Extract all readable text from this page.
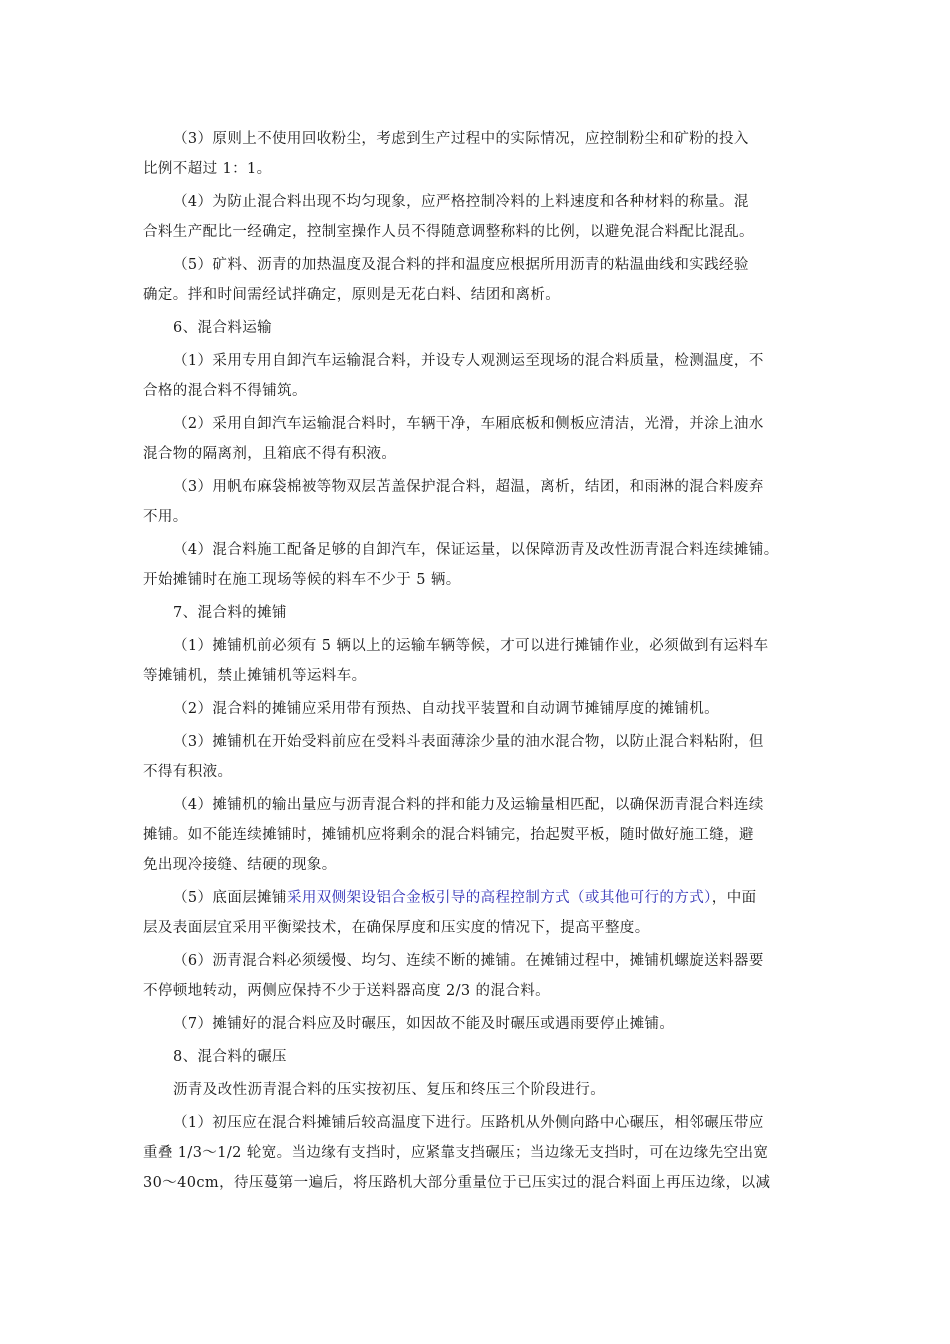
（3）原则上不使用回收粉尘，考虑到生产过程中的实际情况，应控制粉尘和矿粉的投入
比例不超过 1：1。
（4）为防止混合料出现不均匀现象，应严格控制冷料的上料速度和各种材料的称量。混
合料生产配比一经确定，控制室操作人员不得随意调整称料的比例，以避免混合料配比混乱。
（5）矿料、沥青的加热温度及混合料的拌和温度应根据所用沥青的粘温曲线和实践经验
确定。拌和时间需经试拌确定，原则是无花白料、结团和离析。
6、混合料运输
（1）采用专用自卸汽车运输混合料，并设专人观测运至现场的混合料质量，检测温度，不
合格的混合料不得铺筑。
（2）采用自卸汽车运输混合料时，车辆干净，车厢底板和侧板应清洁，光滑，并涂上油水
混合物的隔离剂，且箱底不得有积液。
（3）用帆布麻袋棉被等物双层苫盖保护混合料，超温，离析，结团，和雨淋的混合料废弃
不用。
（4）混合料施工配备足够的自卸汽车，保证运量，以保障沥青及改性沥青混合料连续摊铺。
开始摊铺时在施工现场等候的料车不少于 5 辆。
7、混合料的摊铺
（1）摊铺机前必须有 5 辆以上的运输车辆等候，才可以进行摊铺作业，必须做到有运料车
等摊铺机，禁止摊铺机等运料车。
（2）混合料的摊铺应采用带有预热、自动找平装置和自动调节摊铺厚度的摊铺机。
（3）摊铺机在开始受料前应在受料斗表面薄涂少量的油水混合物，以防止混合料粘附，但
不得有积液。
（4）摊铺机的输出量应与沥青混合料的拌和能力及运输量相匹配，以确保沥青混合料连续
摊铺。如不能连续摊铺时，摊铺机应将剩余的混合料铺完，抬起熨平板，随时做好施工缝，避
免出现冷接缝、结硬的现象。
（5）底面层摊铺采用双侧架设铝合金板引导的高程控制方式（或其他可行的方式），中面
层及表面层宜采用平衡梁技术，在确保厚度和压实度的情况下，提高平整度。
（6）沥青混合料必须缓慢、均匀、连续不断的摊铺。在摊铺过程中，摊铺机螺旋送料器要
不停顿地转动，两侧应保持不少于送料器高度 2/3 的混合料。
（7）摊铺好的混合料应及时碾压，如因故不能及时碾压或遇雨要停止摊铺。
8、混合料的碾压
沥青及改性沥青混合料的压实按初压、复压和终压三个阶段进行。
（1）初压应在混合料摊铺后较高温度下进行。压路机从外侧向路中心碾压，相邻碾压带应
重叠 1/3～1/2 轮宽。当边缘有支挡时，应紧靠支挡碾压；当边缘无支挡时，可在边缘先空出宽
30～40cm，待压蔓第一遍后，将压路机大部分重量位于已压实过的混合料面上再压边缘，以减
